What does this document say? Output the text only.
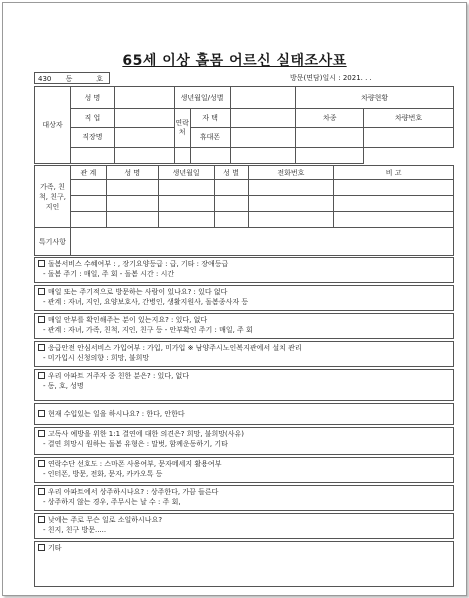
65세 이상 홀몸 어르신 실태조사표
430 동	호	방문(면담)일시 : 2021. . .
대상자	성 명		생년월일/성별			차량현황	
	직 업		연락처	자 택		차종	차량번호
	직장명			휴대폰			

가족, 친척, 친구, 지인	관 계	성 명	생년월일	성 별	전화번호	비 고

특기사항	
돌봄서비스 수혜여부 : , 장기요양등급 : 급, 기타 : 장애등급
- 돌봄 주기 : 매일, 주 회 - 돌봄 시간 : 시간
매일 또는 주기적으로 방문하는 사람이 있나요? : 있다 없다
- 관계 : 자녀, 지인, 요양보호사, 간병인, 생활지원사, 돌봄종사자 등
매일 안부를 확인해주는 분이 있는지요? : 있다, 없다
- 관계 : 자녀, 가족, 친척, 지인, 친구 등 - 안부확인 주기 : 매일, 주 회
응급안전 안심서비스 가입여부 : 가입, 미가입 ※ 남양주시노인복지관에서 설치 관리
- 미가입시 신청의향 : 희망, 불희망
우리 아파트 거주자 중 친한 분은? : 있다, 없다
- 동, 호, 성명
현재 수입있는 일을 하시나요? : 한다, 안한다
고독사 예방을 위한 1:1 결연에 대한 의견은? 희망, 불희망(사유)
- 결연 희망시 원하는 돌봄 유형은 : 말벗, 함께운동하기, 기타
연락수단 선호도 : 스마폰 사용여부, 문자메세지 활용여부
- 인터폰, 방문, 전화, 문자, 카카오톡 등
우리 아파트에서 상주하시나요? : 상주한다, 가끔 들른다
- 상주하지 않는 경우, 주무시는 날 수 : 주 회,
낮에는 주로 무슨 일로 소일하시나요?
- 친지, 친구 방문.....
기타
